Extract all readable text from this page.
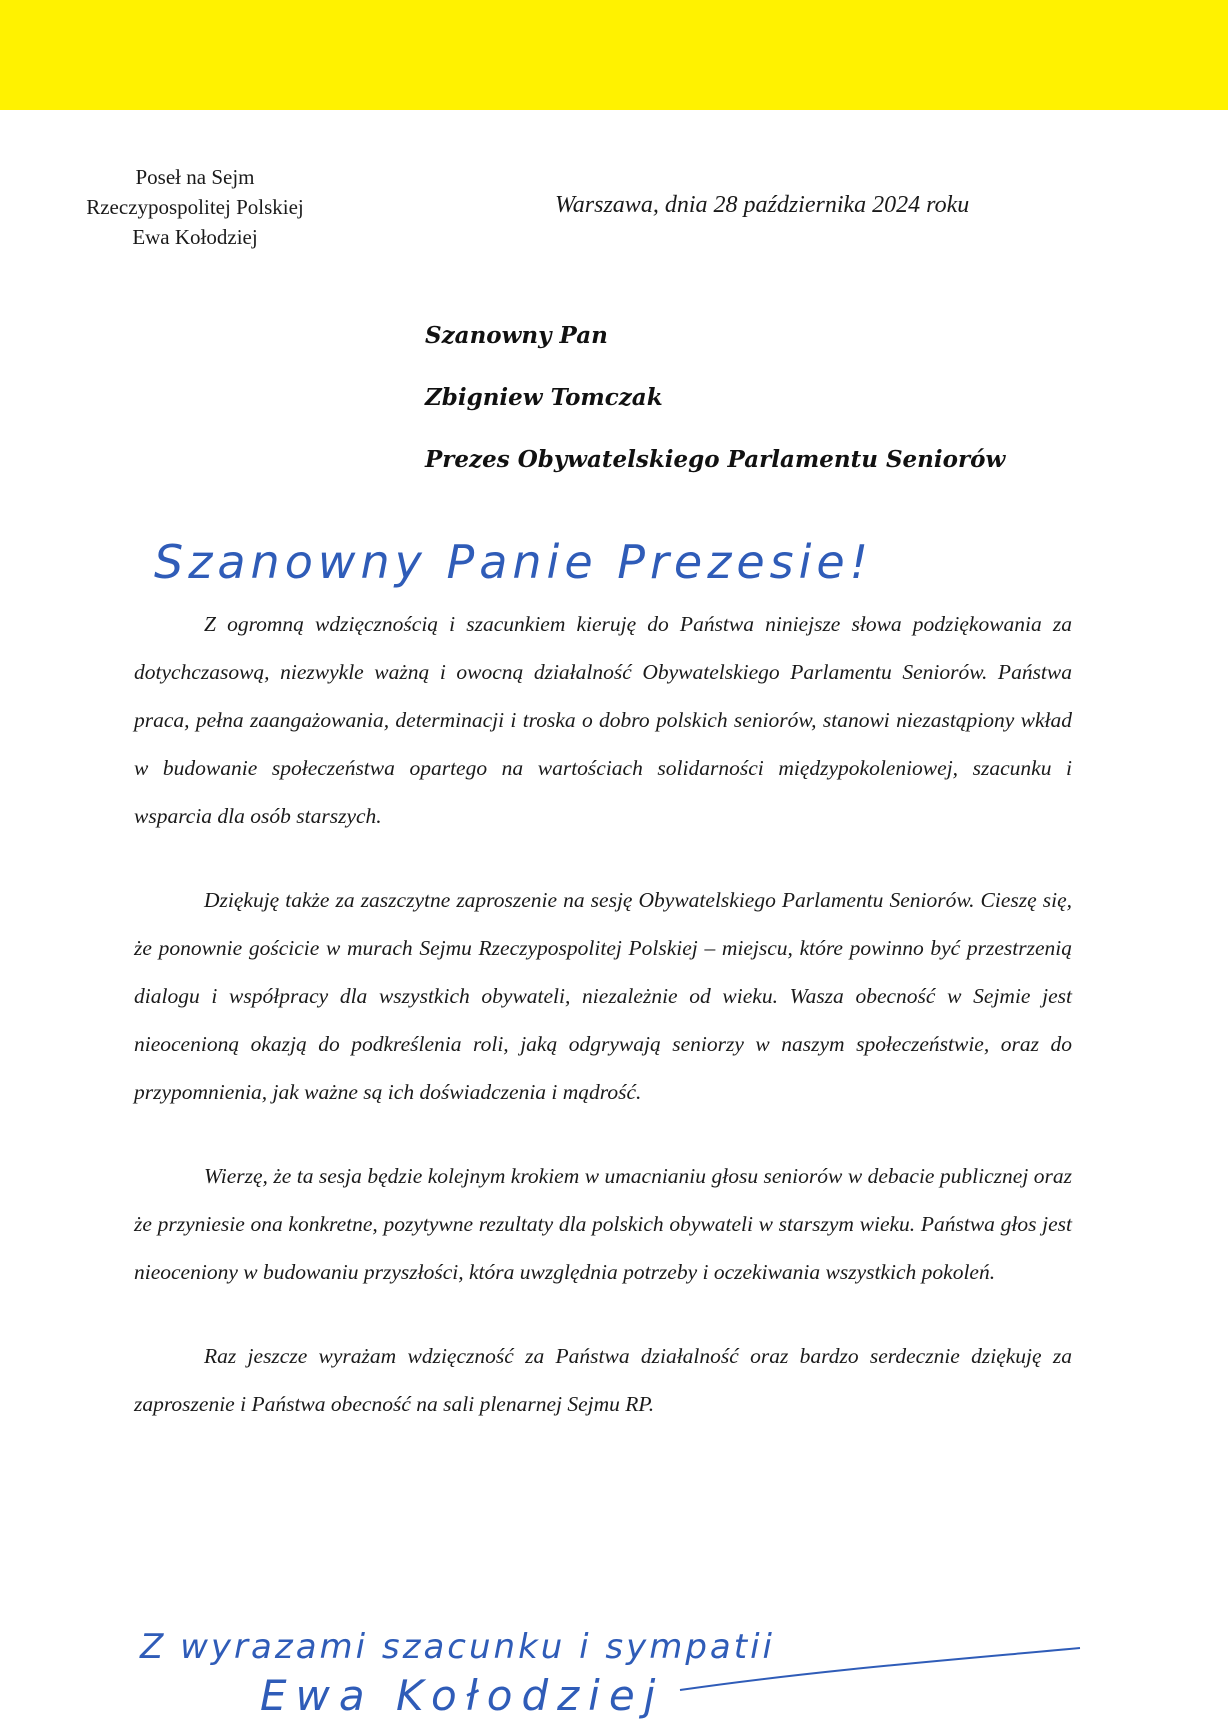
Poseł na Sejm
Rzeczypospolitej Polskiej
Ewa Kołodziej
Warszawa, dnia 28 października 2024 roku
Szanowny Pan
Zbigniew Tomczak
Prezes Obywatelskiego Parlamentu Seniorów
Szanowny Panie Prezesie!

Z ogromną wdzięcznością i szacunkiem kieruję do Państwa niniejsze słowa podziękowania za dotychczasową, niezwykle ważną i owocną działalność Obywatelskiego Parlamentu Seniorów. Państwa praca, pełna zaangażowania, determinacji i troska o dobro polskich seniorów, stanowi niezastąpiony wkład w budowanie społeczeństwa opartego na wartościach solidarności międzypokoleniowej, szacunku i wsparcia dla osób starszych.

Dziękuję także za zaszczytne zaproszenie na sesję Obywatelskiego Parlamentu Seniorów. Cieszę się, że ponownie gościcie w murach Sejmu Rzeczypospolitej Polskiej – miejscu, które powinno być przestrzenią dialogu i współpracy dla wszystkich obywateli, niezależnie od wieku. Wasza obecność w Sejmie jest nieocenioną okazją do podkreślenia roli, jaką odgrywają seniorzy w naszym społeczeństwie, oraz do przypomnienia, jak ważne są ich doświadczenia i mądrość.

Wierzę, że ta sesja będzie kolejnym krokiem w umacnianiu głosu seniorów w debacie publicznej oraz że przyniesie ona konkretne, pozytywne rezultaty dla polskich obywateli w starszym wieku. Państwa głos jest nieoceniony w budowaniu przyszłości, która uwzględnia potrzeby i oczekiwania wszystkich pokoleń.

Raz jeszcze wyrażam wdzięczność za Państwa działalność oraz bardzo serdecznie dziękuję za zaproszenie i Państwa obecność na sali plenarnej Sejmu RP.

Z wyrazami szacunku i sympatii
Ewa Kołodziej
